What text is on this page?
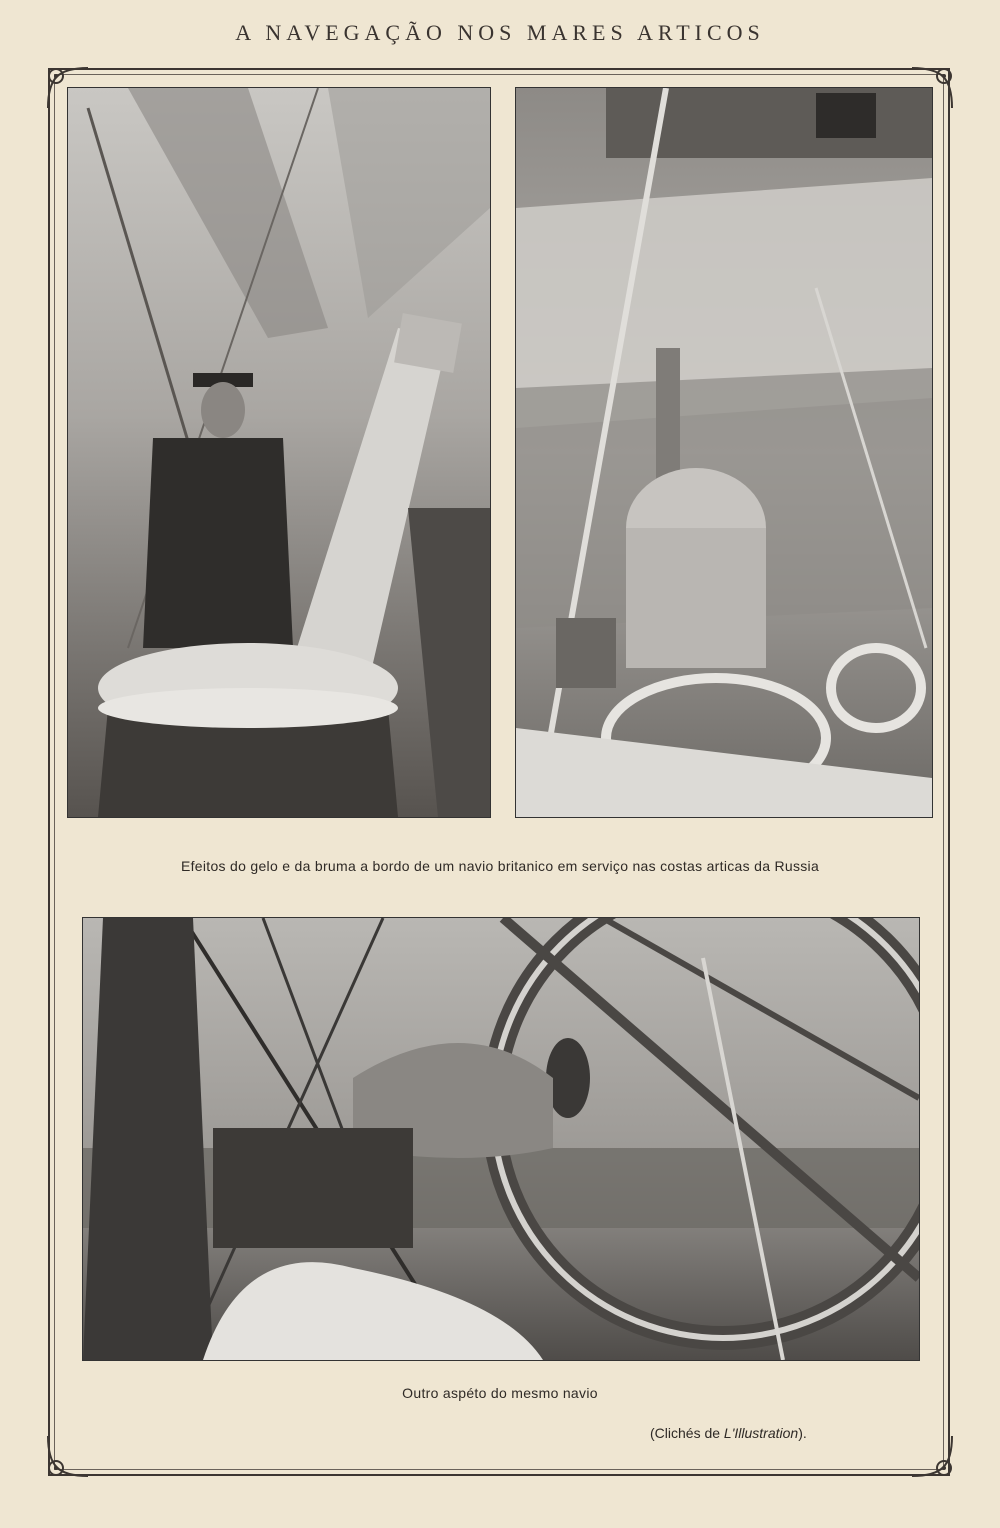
A NAVEGAÇÃO NOS MARES ARTICOS
Efeitos do gelo e da bruma a bordo de um navio britanico em serviço nas costas articas da Russia
Outro aspéto do mesmo navio
(Clichés de L'Illustration).
